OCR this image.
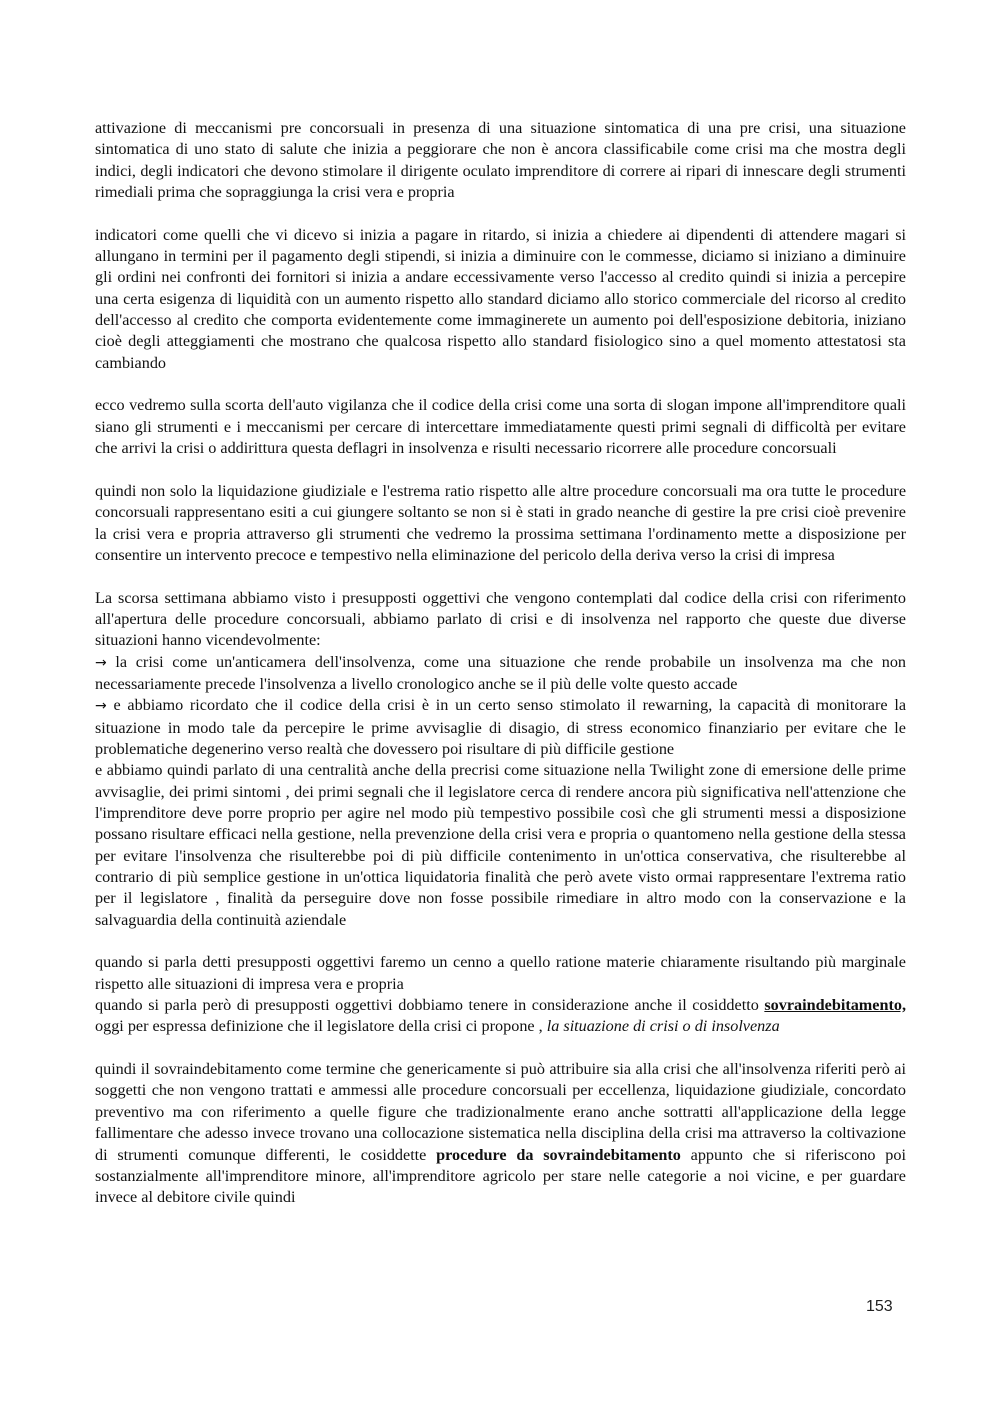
attivazione di meccanismi pre concorsuali in presenza di una situazione sintomatica di una pre crisi, una situazione sintomatica di uno stato di salute che inizia a peggiorare che non è ancora classificabile come crisi ma che mostra degli indici, degli indicatori che devono stimolare il dirigente oculato imprenditore di correre ai ripari di innescare degli strumenti rimediali prima che sopraggiunga la crisi vera e propria

indicatori come quelli che vi dicevo si inizia a pagare in ritardo, si inizia a chiedere ai dipendenti di attendere magari si allungano in termini per il pagamento degli stipendi, si inizia a diminuire con le commesse, diciamo si iniziano a diminuire gli ordini nei confronti dei fornitori si inizia a andare eccessivamente verso l'accesso al credito quindi si inizia a percepire una certa esigenza di liquidità con un aumento rispetto allo standard diciamo allo storico commerciale del ricorso al credito dell'accesso al credito che comporta evidentemente come immaginerete un aumento poi dell'esposizione debitoria, iniziano cioè degli atteggiamenti che mostrano che qualcosa rispetto allo standard fisiologico sino a quel momento attestatosi sta cambiando

ecco vedremo sulla scorta dell'auto vigilanza che il codice della crisi come una sorta di slogan impone all'imprenditore quali siano gli strumenti e i meccanismi per cercare di intercettare immediatamente questi primi segnali di difficoltà per evitare che arrivi la crisi o addirittura questa deflagri in insolvenza e risulti necessario ricorrere alle procedure concorsuali

quindi non solo la liquidazione giudiziale e l'estrema ratio rispetto alle altre procedure concorsuali ma ora tutte le procedure concorsuali rappresentano esiti a cui giungere soltanto se non si è stati in grado neanche di gestire la pre crisi cioè prevenire la crisi vera e propria attraverso gli strumenti che vedremo la prossima settimana l'ordinamento mette a disposizione per consentire un intervento precoce e tempestivo nella eliminazione del pericolo della deriva verso la crisi di impresa

La scorsa settimana abbiamo visto i presupposti oggettivi che vengono contemplati dal codice della crisi con riferimento all'apertura delle procedure concorsuali, abbiamo parlato di crisi e di insolvenza nel rapporto che queste due diverse situazioni hanno vicendevolmente:

→ la crisi come un'anticamera dell'insolvenza, come una situazione che rende probabile un insolvenza ma che non necessariamente precede l'insolvenza a livello cronologico anche se il più delle volte questo accade

→ e abbiamo ricordato che il codice della crisi è in un certo senso stimolato il rewarning, la capacità di monitorare la situazione in modo tale da percepire le prime avvisaglie di disagio, di stress economico finanziario per evitare che le problematiche degenerino verso realtà che dovessero poi risultare di più difficile gestione

e abbiamo quindi parlato di una centralità anche della precrisi come situazione nella Twilight zone di emersione delle prime avvisaglie, dei primi sintomi , dei primi segnali che il legislatore cerca di rendere ancora più significativa nell'attenzione che l'imprenditore deve porre proprio per agire nel modo più tempestivo possibile così che gli strumenti messi a disposizione possano risultare efficaci nella gestione, nella prevenzione della crisi vera e propria o quantomeno nella gestione della stessa per evitare l'insolvenza che risulterebbe poi di più difficile contenimento in un'ottica conservativa, che risulterebbe al contrario di più semplice gestione in un'ottica liquidatoria finalità che però avete visto ormai rappresentare l'extrema ratio per il legislatore , finalità da perseguire dove non fosse possibile rimediare in altro modo con la conservazione e la salvaguardia della continuità aziendale

quando si parla detti presupposti oggettivi faremo un cenno a quello ratione materie chiaramente risultando più marginale rispetto alle situazioni di impresa vera e propria

quando si parla però di presupposti oggettivi dobbiamo tenere in considerazione anche il cosiddetto sovraindebitamento, oggi per espressa definizione che il legislatore della crisi ci propone , la situazione di crisi o di insolvenza

quindi il sovraindebitamento come termine che genericamente si può attribuire sia alla crisi che all'insolvenza riferiti però ai soggetti che non vengono trattati e ammessi alle procedure concorsuali per eccellenza, liquidazione giudiziale, concordato preventivo ma con riferimento a quelle figure che tradizionalmente erano anche sottratti all'applicazione della legge fallimentare che adesso invece trovano una collocazione sistematica nella disciplina della crisi ma attraverso la coltivazione di strumenti comunque differenti, le cosiddette procedure da sovraindebitamento appunto che si riferiscono poi sostanzialmente all'imprenditore minore, all'imprenditore agricolo per stare nelle categorie a noi vicine, e per guardare invece al debitore civile quindi

153
